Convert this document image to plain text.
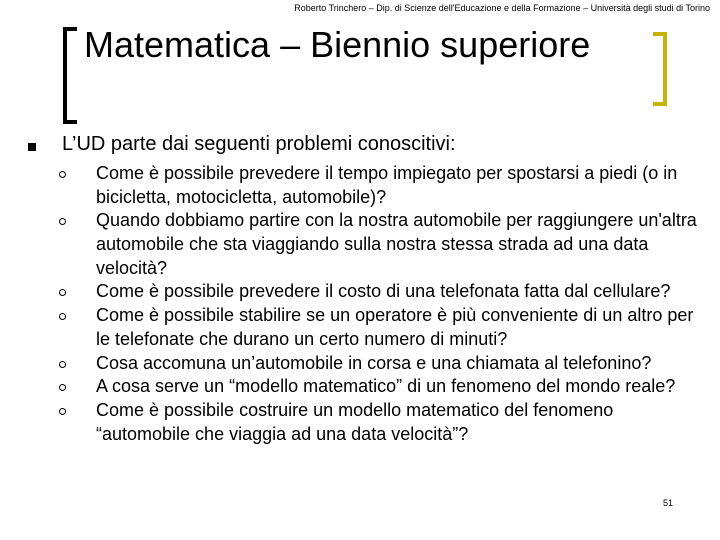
Roberto Trinchero – Dip. di Scienze dell'Educazione e della Formazione – Università degli studi di Torino
Matematica – Biennio superiore
L’UD parte dai seguenti problemi conoscitivi:
Come è possibile prevedere il tempo impiegato per spostarsi a piedi (o in bicicletta, motocicletta, automobile)?
Quando dobbiamo partire con la nostra automobile per raggiungere un'altra automobile che sta viaggiando sulla nostra stessa strada ad una data velocità?
Come è possibile prevedere il costo di una telefonata fatta dal cellulare?
Come è possibile stabilire se un operatore è più conveniente di un altro per le telefonate che durano un certo numero di minuti?
Cosa accomuna un’automobile in corsa e una chiamata al telefonino?
A cosa serve un “modello matematico” di un fenomeno del mondo reale?
Come è possibile costruire un modello matematico del fenomeno “automobile che viaggia ad una data velocità”?
51
